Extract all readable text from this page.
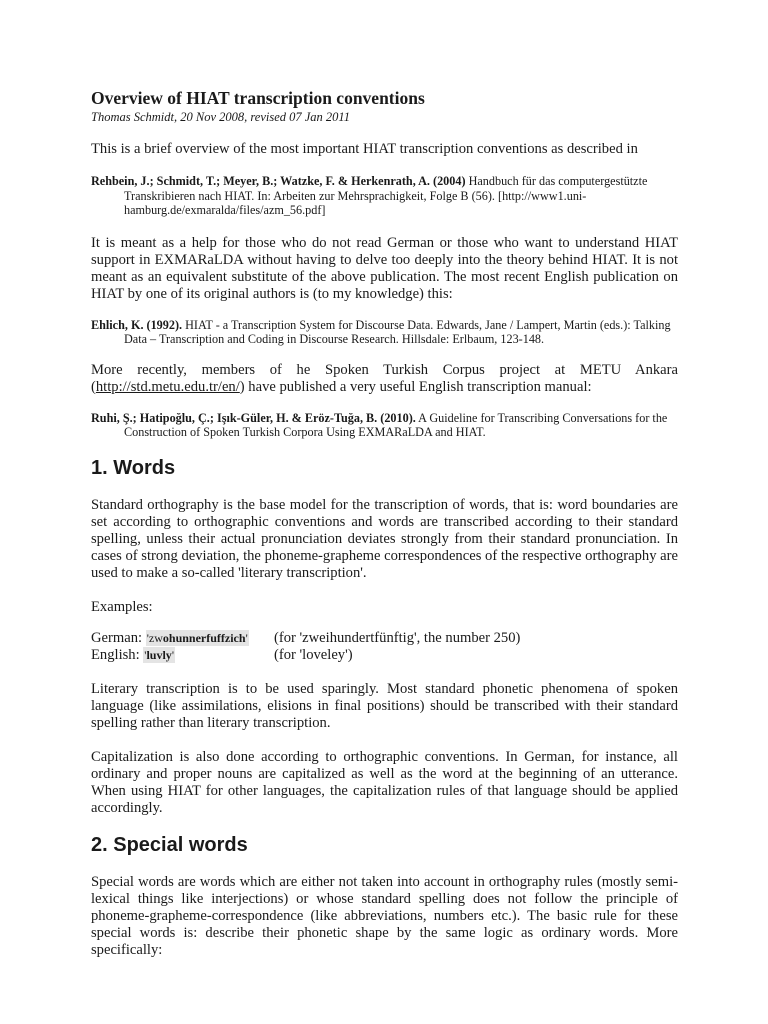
Overview of HIAT transcription conventions

Thomas Schmidt, 20 Nov 2008, revised 07 Jan 2011

This is a brief overview of the most important HIAT transcription conventions as described in

Rehbein, J.; Schmidt, T.; Meyer, B.; Watzke, F. & Herkenrath, A. (2004) Handbuch für das computergestützte Transkribieren nach HIAT. In: Arbeiten zur Mehrsprachigkeit, Folge B (56). [http://www1.uni-hamburg.de/exmaralda/files/azm_56.pdf]

It is meant as a help for those who do not read German or those who want to understand HIAT support in EXMARaLDA without having to delve too deeply into the theory behind HIAT. It is not meant as an equivalent substitute of the above publication. The most recent English publication on HIAT by one of its original authors is (to my knowledge) this:

Ehlich, K. (1992). HIAT - a Transcription System for Discourse Data. Edwards, Jane / Lampert, Martin (eds.): Talking Data – Transcription and Coding in Discourse Research. Hillsdale: Erlbaum, 123-148.

More recently, members of he Spoken Turkish Corpus project at METU Ankara (http://std.metu.edu.tr/en/) have published a very useful English transcription manual:

Ruhi, Ş.; Hatipoğlu, Ç.; Işık-Güler, H. & Eröz-Tuğa, B. (2010). A Guideline for Transcribing Conversations for the Construction of Spoken Turkish Corpora Using EXMARaLDA and HIAT.

1. Words

Standard orthography is the base model for the transcription of words, that is: word boundaries are set according to orthographic conventions and words are transcribed according to their standard spelling, unless their actual pronunciation deviates strongly from their standard pronunciation. In cases of strong deviation, the phoneme-grapheme correspondences of the respective orthography are used to make a so-called 'literary transcription'.

Examples:

German: 'zwohunnerfuffzich'	(for 'zweihundertfünftig', the number 250)
English: 'luvly'	(for 'loveley')

Literary transcription is to be used sparingly. Most standard phonetic phenomena of spoken language (like assimilations, elisions in final positions) should be transcribed with their standard spelling rather than literary transcription.

Capitalization is also done according to orthographic conventions. In German, for instance, all ordinary and proper nouns are capitalized as well as the word at the beginning of an utterance. When using HIAT for other languages, the capitalization rules of that language should be applied accordingly.

2. Special words

Special words are words which are either not taken into account in orthography rules (mostly semi-lexical things like interjections) or whose standard spelling does not follow the principle of phoneme-grapheme-correspondence (like abbreviations, numbers etc.). The basic rule for these special words is: describe their phonetic shape by the same logic as ordinary words. More specifically:
